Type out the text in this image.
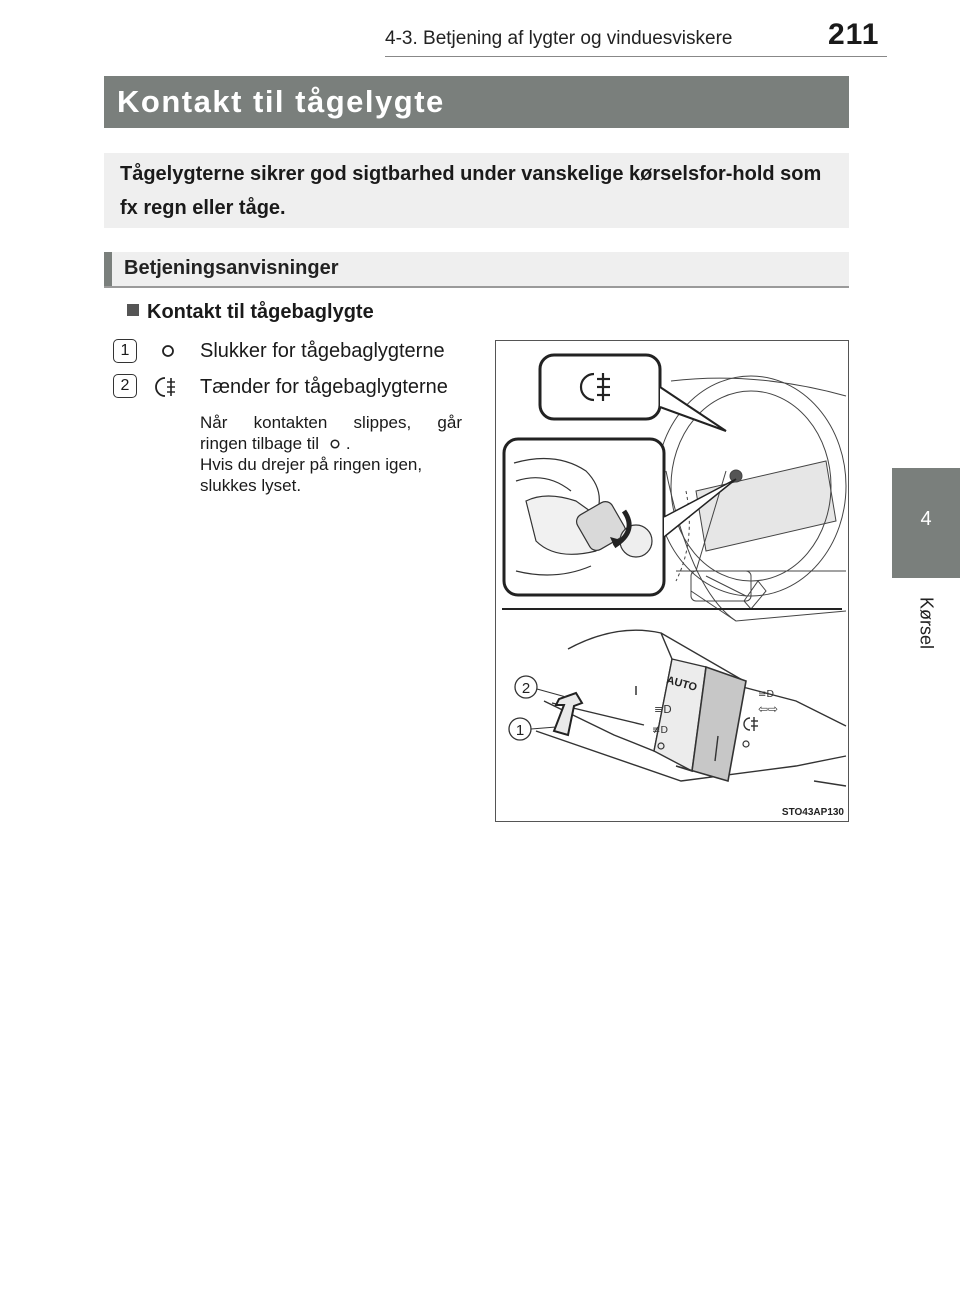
4-3. Betjening af lygter og vinduesviskere	211
4
Kørsel
Kontakt til tågelygte

Tågelygterne sikrer god sigtbarhed under vanskelige kørselsfor-hold som fx regn eller tåge.

Betjeningsanvisninger
Kontakt til tågebaglygte
1	Slukker for tågebaglygterne
2	Tænder for tågebaglygterne
Når kontakten slippes, går
ringen tilbage til .
Hvis du drejer på ringen igen,
slukkes lyset.
AUTO
≡D
≢D
≡D
⇦⇨
2
1
STO43AP130
